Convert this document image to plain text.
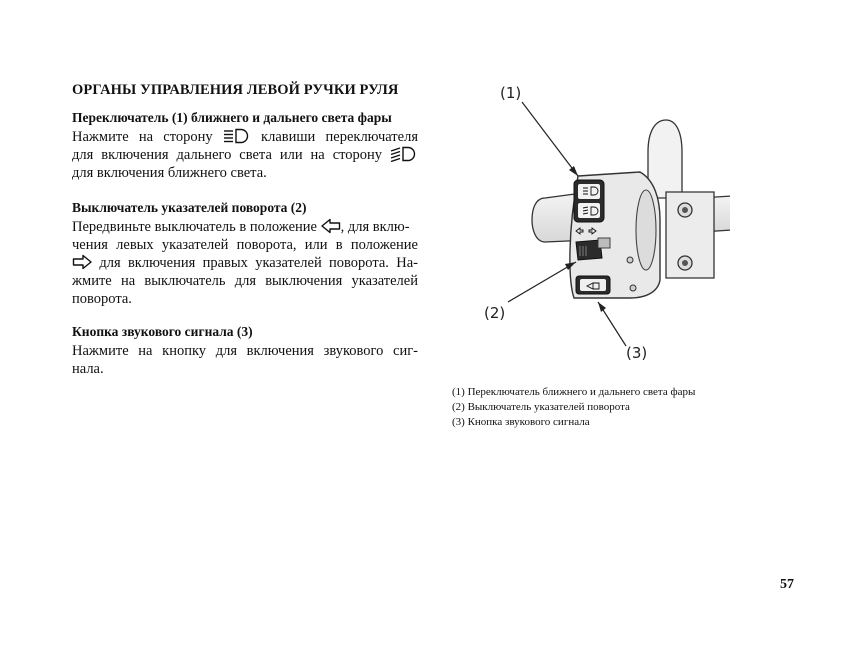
ОРГАНЫ УПРАВЛЕНИЯ ЛЕВОЙ РУЧКИ РУЛЯ
Переключатель (1) ближнего и дальнего света фары
Нажмите на сторону	клавиши переключателя
для включения дальнего света или на сторону
для включения ближнего света.
Выключатель указателей поворота (2)
Передвиньте выключатель в положение , для вклю-
чения левых указателей поворота, или в положение
для включения правых указателей поворота. На-
жмите на выключатель для выключения указателей
поворота.
Кнопка звукового сигнала (3)
Нажмите на кнопку для включения звукового сиг-
нала.
(1)
(2)
(3)
(1) Переключатель ближнего и дальнего света фары
(2) Выключатель указателей поворота
(3) Кнопка звукового сигнала
57
